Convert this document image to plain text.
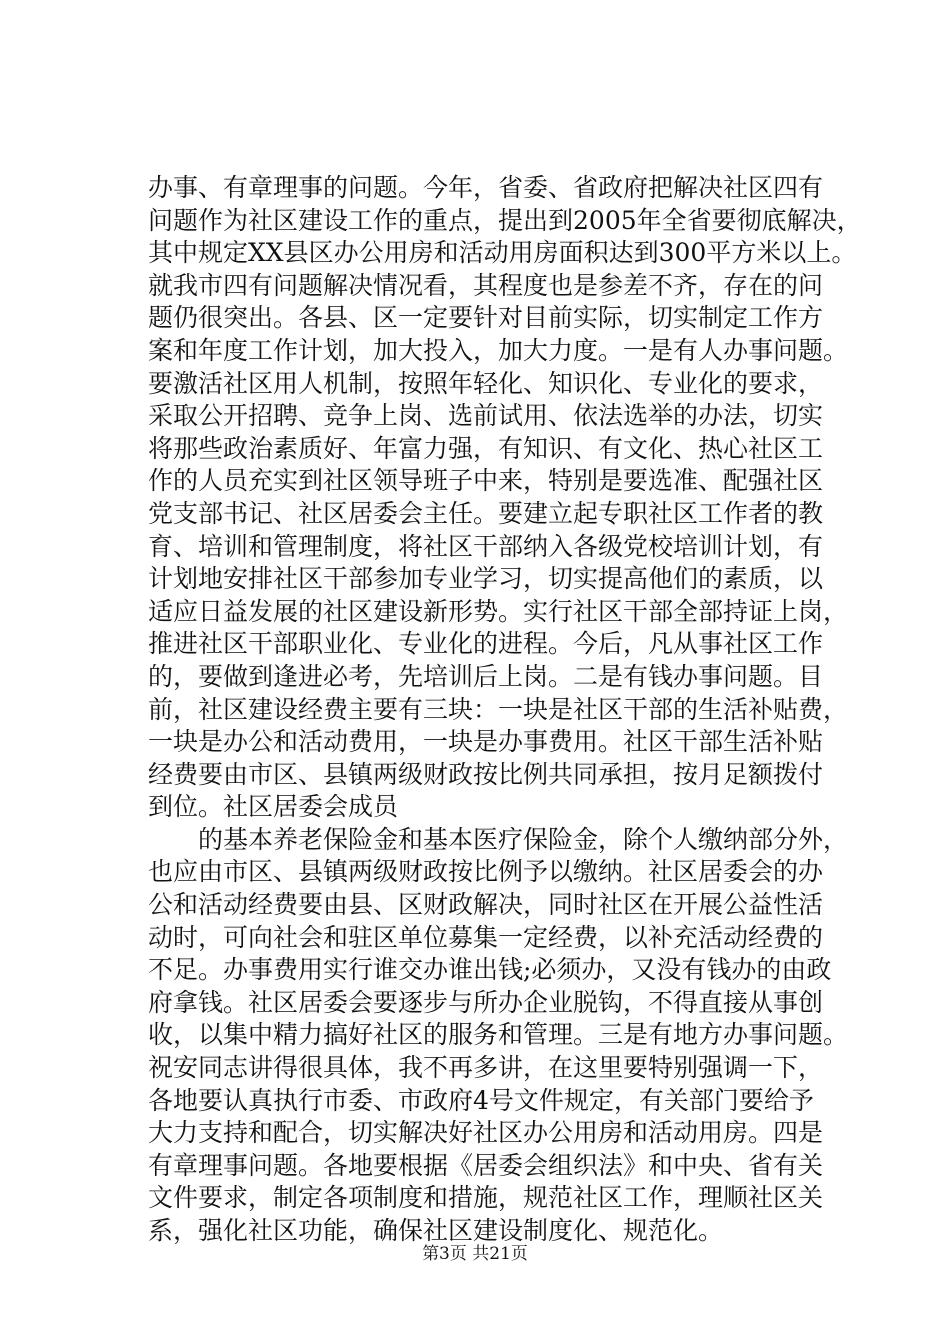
办事、有章理事的问题。今年，省委、省政府把解决社区四有
问题作为社区建设工作的重点，提出到2005年全省要彻底解决，
其中规定XX县区办公用房和活动用房面积达到300平方米以上。
就我市四有问题解决情况看，其程度也是参差不齐，存在的问
题仍很突出。各县、区一定要针对目前实际，切实制定工作方
案和年度工作计划，加大投入，加大力度。一是有人办事问题。
要激活社区用人机制，按照年轻化、知识化、专业化的要求，
采取公开招聘、竞争上岗、选前试用、依法选举的办法，切实
将那些政治素质好、年富力强，有知识、有文化、热心社区工
作的人员充实到社区领导班子中来，特别是要选准、配强社区
党支部书记、社区居委会主任。要建立起专职社区工作者的教
育、培训和管理制度，将社区干部纳入各级党校培训计划，有
计划地安排社区干部参加专业学习，切实提高他们的素质，以
适应日益发展的社区建设新形势。实行社区干部全部持证上岗，
推进社区干部职业化、专业化的进程。今后，凡从事社区工作
的，要做到逢进必考，先培训后上岗。二是有钱办事问题。目
前，社区建设经费主要有三块：一块是社区干部的生活补贴费，
一块是办公和活动费用，一块是办事费用。社区干部生活补贴
经费要由市区、县镇两级财政按比例共同承担，按月足额拨付
到位。社区居委会成员
的基本养老保险金和基本医疗保险金，除个人缴纳部分外，
也应由市区、县镇两级财政按比例予以缴纳。社区居委会的办
公和活动经费要由县、区财政解决，同时社区在开展公益性活
动时，可向社会和驻区单位募集一定经费，以补充活动经费的
不足。办事费用实行谁交办谁出钱;必须办，又没有钱办的由政
府拿钱。社区居委会要逐步与所办企业脱钩，不得直接从事创
收，以集中精力搞好社区的服务和管理。三是有地方办事问题。
祝安同志讲得很具体，我不再多讲，在这里要特别强调一下，
各地要认真执行市委、市政府4号文件规定，有关部门要给予
大力支持和配合，切实解决好社区办公用房和活动用房。四是
有章理事问题。各地要根据《居委会组织法》和中央、省有关
文件要求，制定各项制度和措施，规范社区工作，理顺社区关
系，强化社区功能，确保社区建设制度化、规范化。
第3页 共21页
